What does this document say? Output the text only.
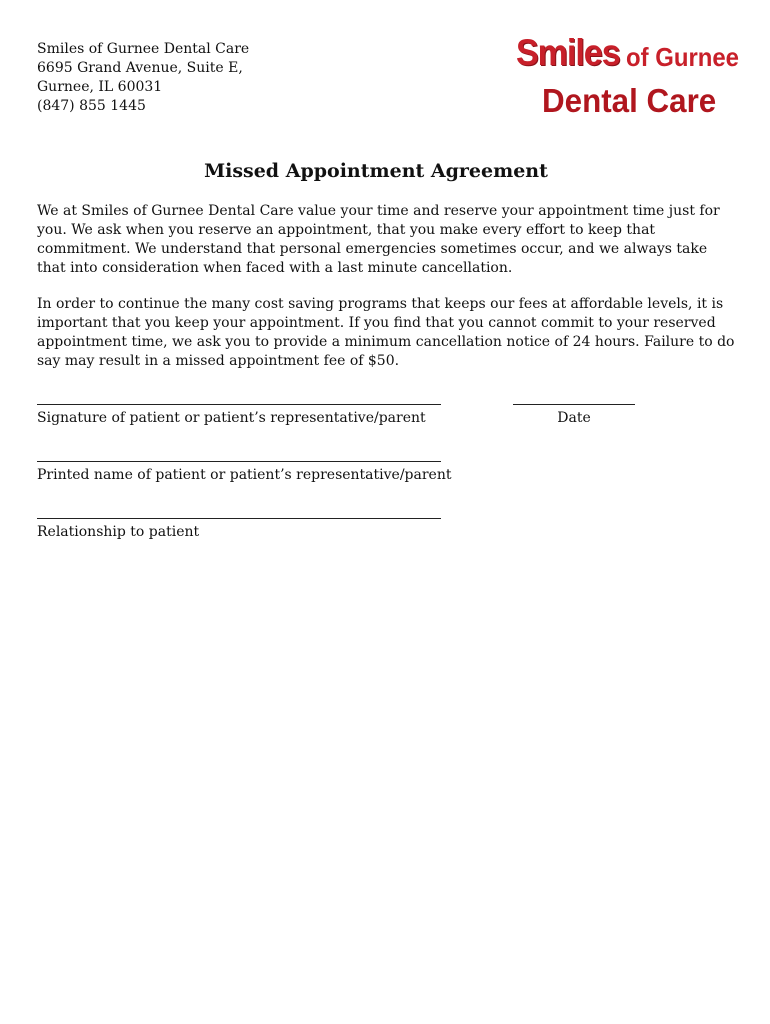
Smiles of Gurnee Dental Care
6695 Grand Avenue, Suite E,
Gurnee, IL 60031
(847) 855 1445
Smiles of Gurnee
Dental Care
Missed Appointment Agreement
We at Smiles of Gurnee Dental Care value your time and reserve your appointment time just for
you. We ask when you reserve an appointment, that you make every effort to keep that
commitment. We understand that personal emergencies sometimes occur, and we always take
that into consideration when faced with a last minute cancellation.
In order to continue the many cost saving programs that keeps our fees at affordable levels, it is
important that you keep your appointment. If you find that you cannot commit to your reserved
appointment time, we ask you to provide a minimum cancellation notice of 24 hours. Failure to do
say may result in a missed appointment fee of $50.
Signature of patient or patient’s representative/parent	Date
Printed name of patient or patient’s representative/parent
Relationship to patient
